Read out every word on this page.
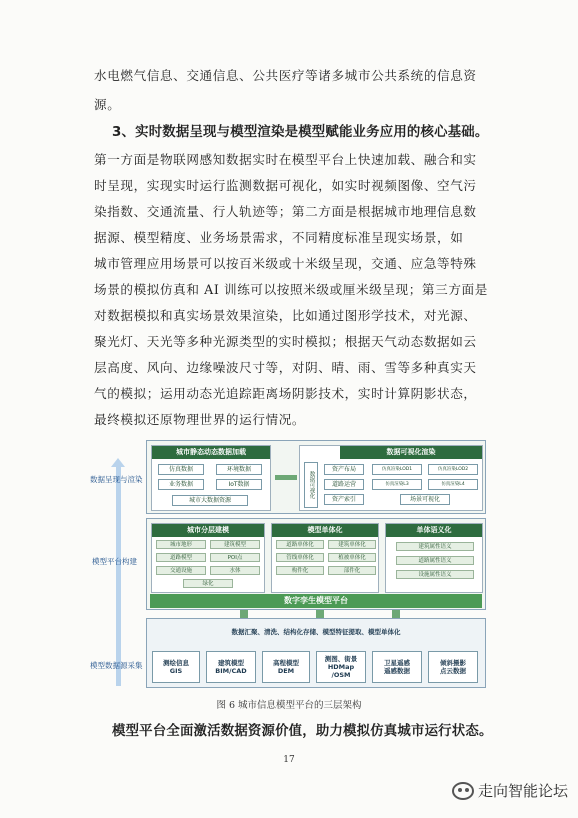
水电燃气信息、交通信息、公共医疗等诸多城市公共系统的信息资
源。
3、实时数据呈现与模型渲染是模型赋能业务应用的核心基础。
第一方面是物联网感知数据实时在模型平台上快速加载、融合和实
时呈现，实现实时运行监测数据可视化，如实时视频图像、空气污
染指数、交通流量、行人轨迹等；第二方面是根据城市地理信息数
据源、模型精度、业务场景需求，不同精度标准呈现实场景，如
城市管理应用场景可以按百米级或十米级呈现，交通、应急等特殊
场景的模拟仿真和 AI 训练可以按照米级或厘米级呈现；第三方面是
对数据模拟和真实场景效果渲染，比如通过图形学技术，对光源、
聚光灯、天光等多种光源类型的实时模拟；根据天气动态数据如云
层高度、风向、边缘噪波尺寸等，对阴、晴、雨、雪等多种真实天
气的模拟；运用动态光追踪距离场阴影技术，实时计算阴影状态，
最终模拟还原物理世界的运行情况。
数据呈现与渲染
模型平台构建
模型数据源采集
城市静态动态数据加载
仿真数据	环境数据
业务数据	IoT数据
城市大数据资源
数据可视化渲染
数据可视化
资产布局
道路运营
资产索引
仿真渲染LOD1	仿真渲染LOD2
仿真渲染L3	仿真渲染L4
场景可视化
城市分层建模
城市地形	建筑模型
道路模型	POI点
交通设施	水体
绿化
模型单体化
道路单体化	建筑单体化
管线单体化	植被单体化
构件化	部件化
单体语义化
建筑属性语义
道路属性语义
设施属性语义
数字孪生模型平台
数据汇聚、清洗、结构化存储、模型特征提取、模型单体化
测绘信息
GIS
建筑模型
BIM/CAD
高程模型
DEM
测图、街景
HDMap
/OSM
卫星遥感
遥感数据
倾斜摄影
点云数据
图 6 城市信息模型平台的三层架构
模型平台全面激活数据资源价值，助力模拟仿真城市运行状态。
17
走向智能论坛
